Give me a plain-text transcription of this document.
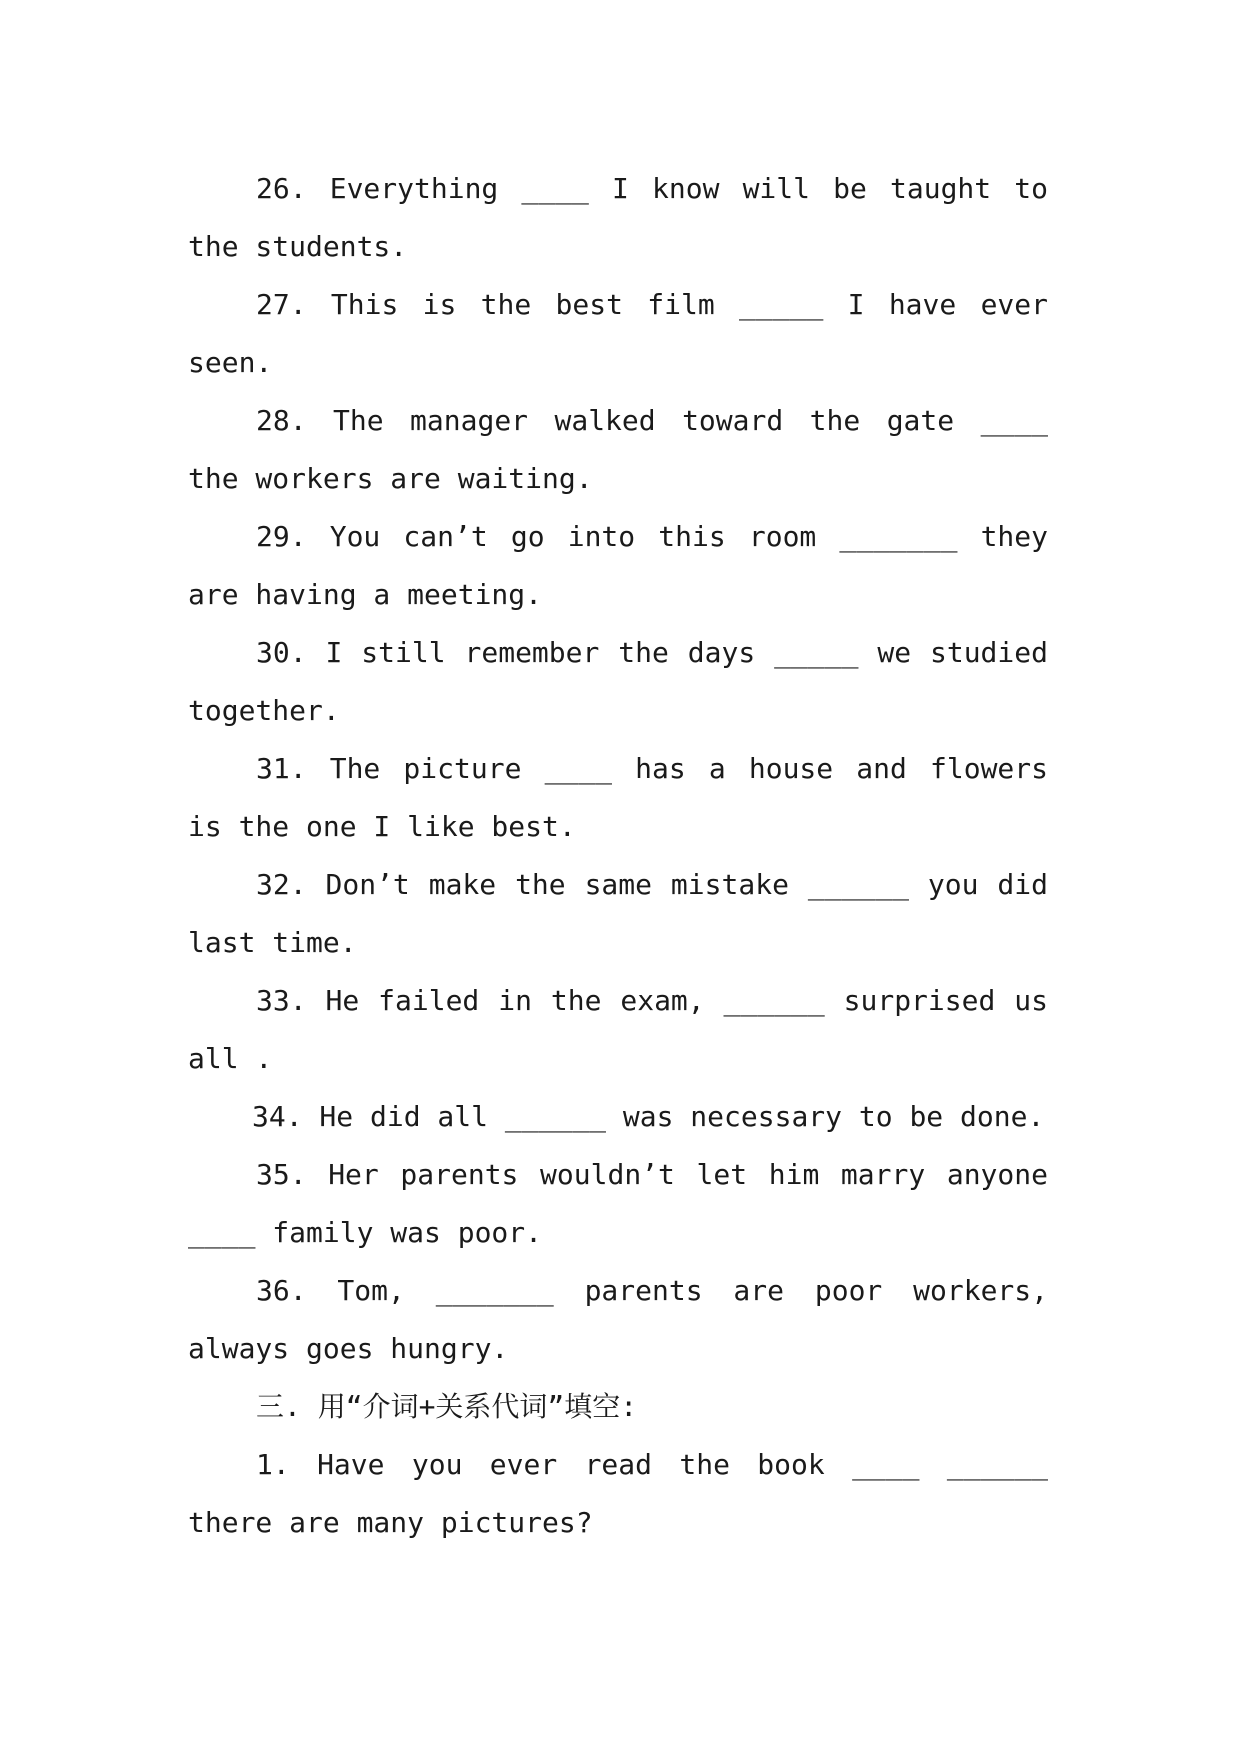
26. Everything ____ I know will be taught to the students.

27. This is the best film _____ I have ever seen.

28. The manager walked toward the gate ____ the workers are waiting.

29. You can’t go into this room _______ they are having a meeting.

30. I still remember the days _____ we studied together.

31. The picture ____ has a house and flowers is the one I like best.

32. Don’t make the same mistake ______ you did last time.

33. He failed in the exam, ______ surprised us all .

34. He did all ______ was necessary to be done.

35. Her parents wouldn’t let him marry anyone ____ family was poor.

36. Tom, _______ parents are poor workers, always goes hungry.

三. 用“介词+关系代词”填空:

1. Have you ever read the book ____ ______ there are many pictures?
